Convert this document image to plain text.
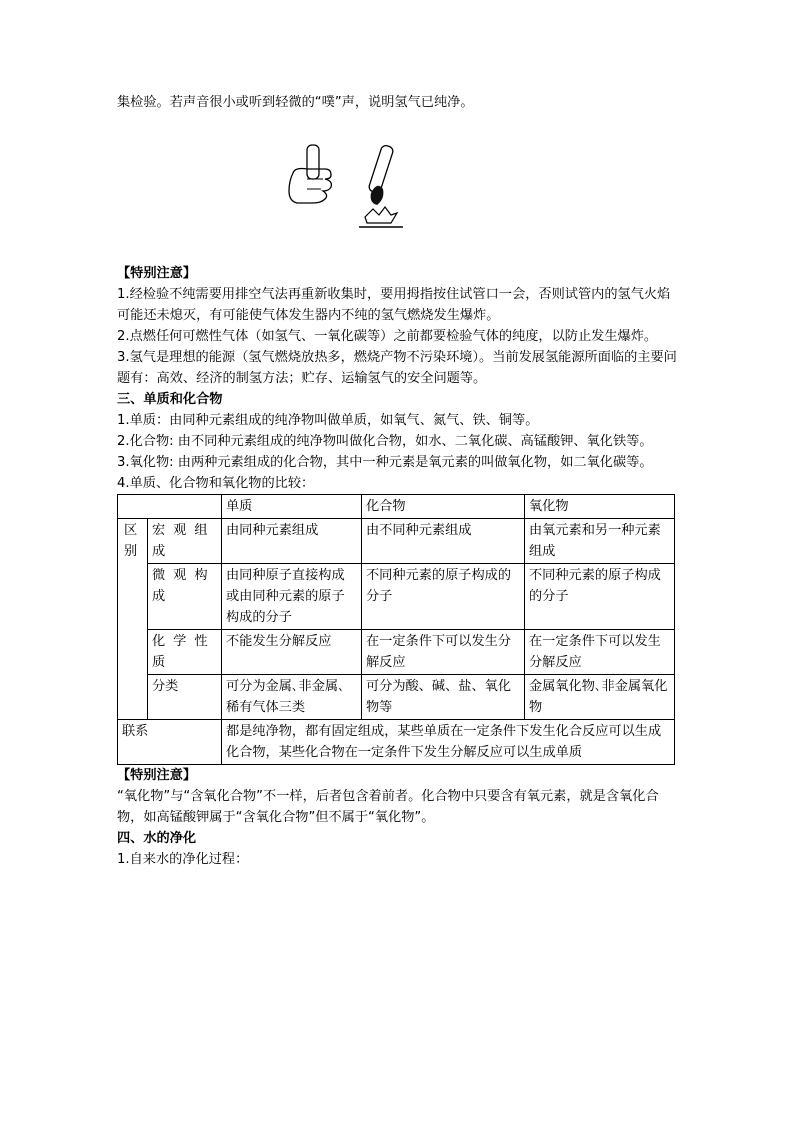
集检验。若声音很小或听到轻微的“噗”声，说明氢气已纯净。
【特别注意】
1.经检验不纯需要用排空气法再重新收集时，要用拇指按住试管口一会，否则试管内的氢气火焰可能还未熄灭，有可能使气体发生器内不纯的氢气燃烧发生爆炸。
2.点燃任何可燃性气体（如氢气、一氧化碳等）之前都要检验气体的纯度，以防止发生爆炸。
3.氢气是理想的能源（氢气燃烧放热多，燃烧产物不污染环境）。当前发展氢能源所面临的主要问题有：高效、经济的制氢方法；贮存、运输氢气的安全问题等。
三、单质和化合物
1.单质：由同种元素组成的纯净物叫做单质，如氧气、氮气、铁、铜等。
2.化合物: 由不同种元素组成的纯净物叫做化合物，如水、二氧化碳、高锰酸钾、氧化铁等。
3.氧化物: 由两种元素组成的化合物，其中一种元素是氧元素的叫做氧化物，如二氧化碳等。
4.单质、化合物和氧化物的比较：
		单质	化合物	氧化物
区别	宏观组成	由同种元素组成	由不同种元素组成	由氧元素和另一种元素组成
	微观构成	由同种原子直接构成或由同种元素的原子构成的分子	不同种元素的原子构成的分子	不同种元素的原子构成的分子
	化学性质	不能发生分解反应	在一定条件下可以发生分解反应	在一定条件下可以发生分解反应
	分类	可分为金属､非金属､稀有气体三类	可分为酸、碱、盐、氧化物等	金属氧化物､非金属氧化物
联系		都是纯净物，都有固定组成，某些单质在一定条件下发生化合反应可以生成化合物，某些化合物在一定条件下发生分解反应可以生成单质		
【特别注意】
“氧化物”与“含氧化合物”不一样，后者包含着前者。化合物中只要含有氧元素，就是含氧化合物，如高锰酸钾属于“含氧化合物”但不属于“氧化物”。
四、水的净化
1.自来水的净化过程：
